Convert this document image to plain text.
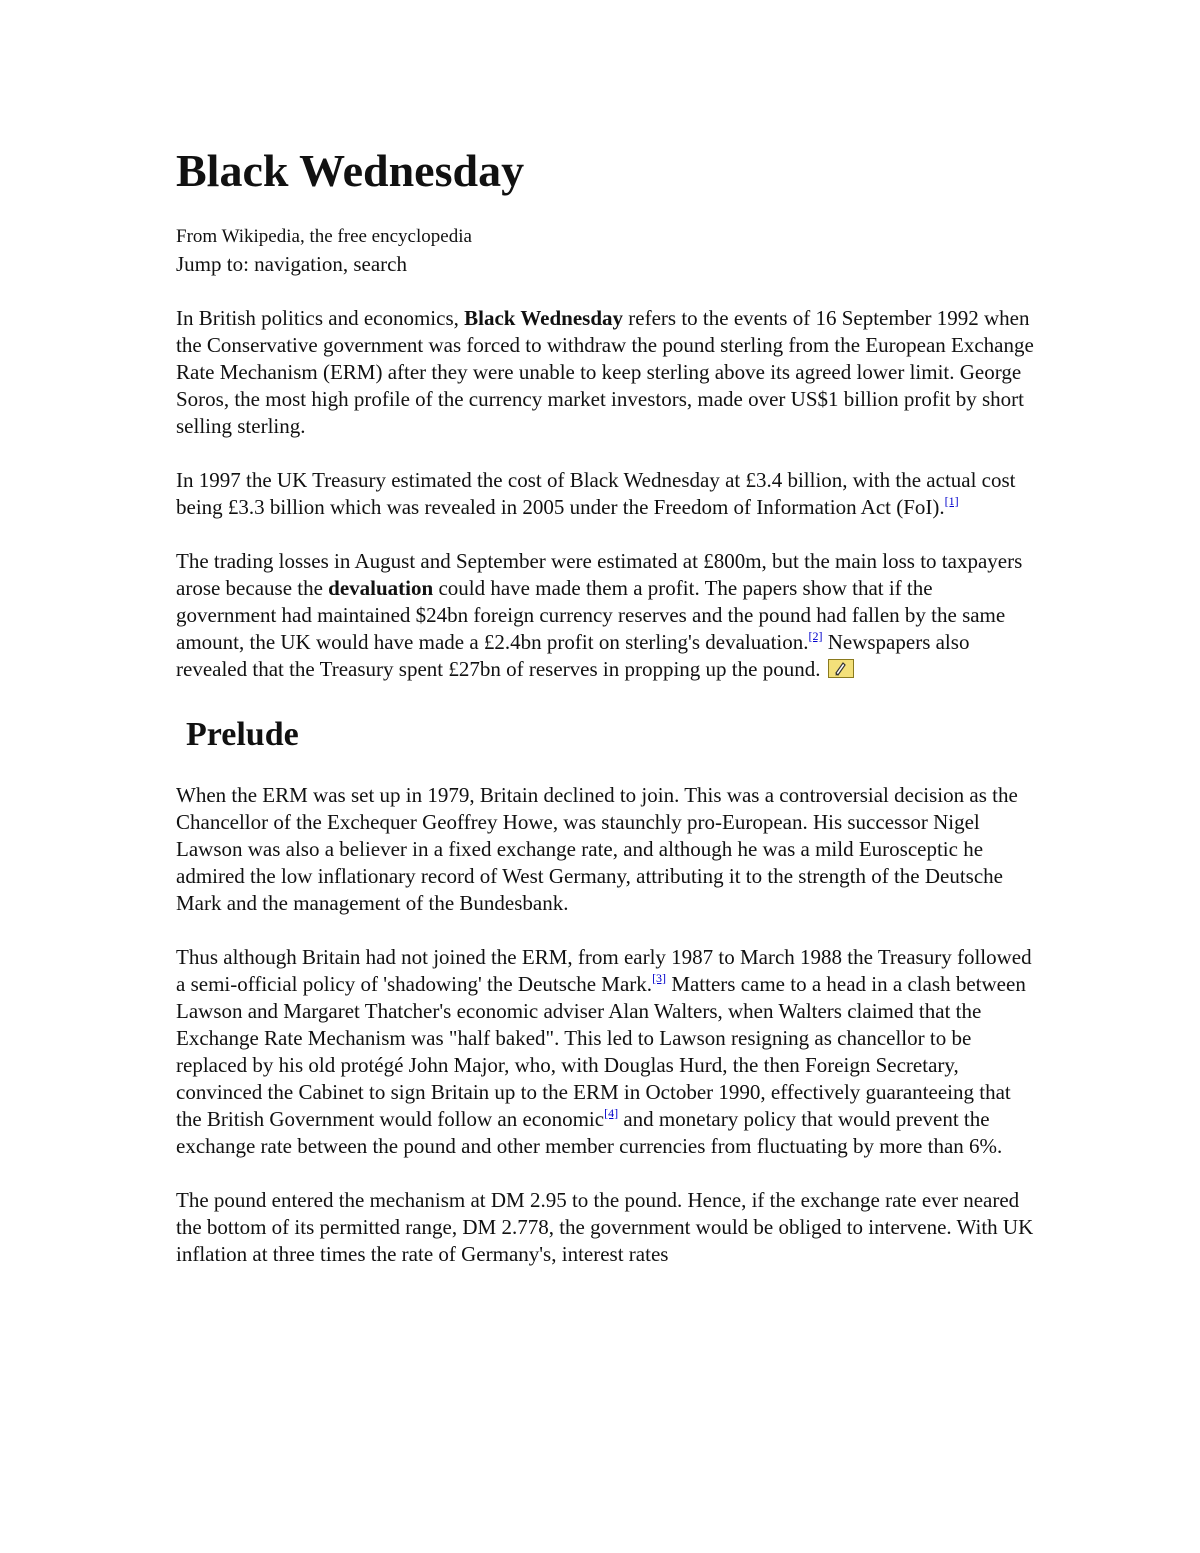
Black Wednesday
From Wikipedia, the free encyclopedia
Jump to: navigation, search

In British politics and economics, Black Wednesday refers to the events of 16 September 1992 when the Conservative government was forced to withdraw the pound sterling from the European Exchange Rate Mechanism (ERM) after they were unable to keep sterling above its agreed lower limit. George Soros, the most high profile of the currency market investors, made over US$1 billion profit by short selling sterling.

In 1997 the UK Treasury estimated the cost of Black Wednesday at £3.4 billion, with the actual cost being £3.3 billion which was revealed in 2005 under the Freedom of Information Act (FoI).[1]

The trading losses in August and September were estimated at £800m, but the main loss to taxpayers arose because the devaluation could have made them a profit. The papers show that if the government had maintained $24bn foreign currency reserves and the pound had fallen by the same amount, the UK would have made a £2.4bn profit on sterling's devaluation.[2] Newspapers also revealed that the Treasury spent £27bn of reserves in propping up the pound.

Prelude

When the ERM was set up in 1979, Britain declined to join. This was a controversial decision as the Chancellor of the Exchequer Geoffrey Howe, was staunchly pro-European. His successor Nigel Lawson was also a believer in a fixed exchange rate, and although he was a mild Eurosceptic he admired the low inflationary record of West Germany, attributing it to the strength of the Deutsche Mark and the management of the Bundesbank.

Thus although Britain had not joined the ERM, from early 1987 to March 1988 the Treasury followed a semi-official policy of 'shadowing' the Deutsche Mark.[3] Matters came to a head in a clash between Lawson and Margaret Thatcher's economic adviser Alan Walters, when Walters claimed that the Exchange Rate Mechanism was "half baked". This led to Lawson resigning as chancellor to be replaced by his old protégé John Major, who, with Douglas Hurd, the then Foreign Secretary, convinced the Cabinet to sign Britain up to the ERM in October 1990, effectively guaranteeing that the British Government would follow an economic[4] and monetary policy that would prevent the exchange rate between the pound and other member currencies from fluctuating by more than 6%.

The pound entered the mechanism at DM 2.95 to the pound. Hence, if the exchange rate ever neared the bottom of its permitted range, DM 2.778, the government would be obliged to intervene. With UK inflation at three times the rate of Germany's, interest rates
